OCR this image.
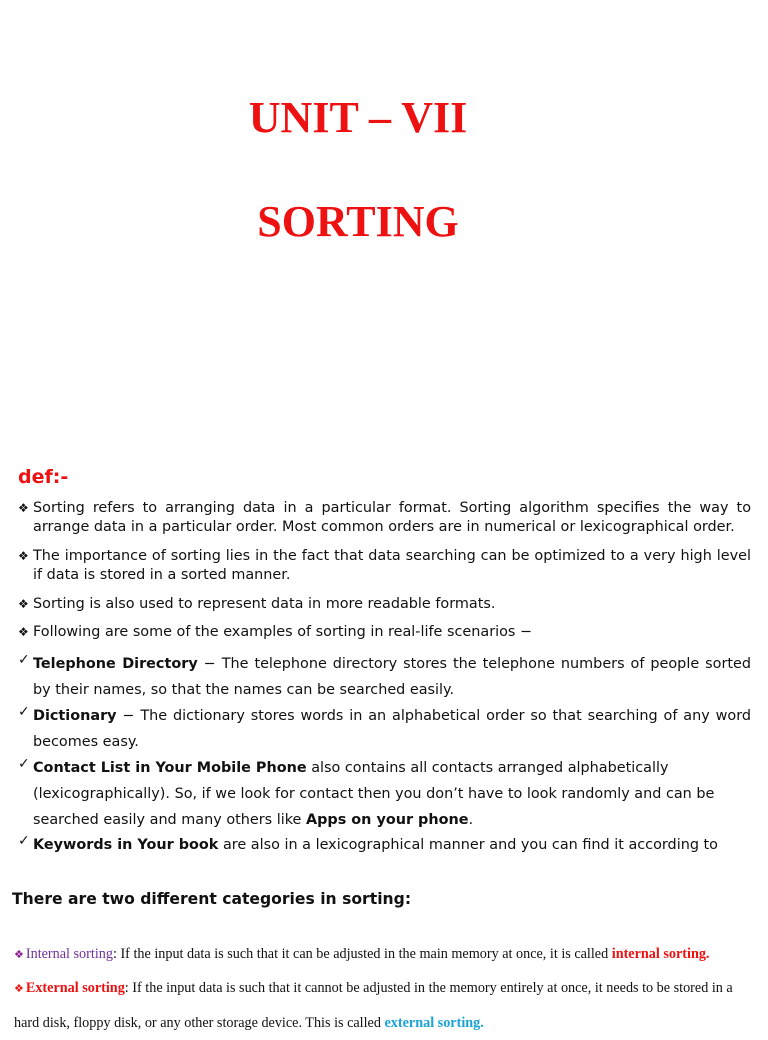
UNIT – VII
SORTING
def:-
❖ Sorting refers to arranging data in a particular format. Sorting algorithm specifies the way to arrange data in a particular order. Most common orders are in numerical or lexicographical order.
❖ The importance of sorting lies in the fact that data searching can be optimized to a very high level if data is stored in a sorted manner.
❖ Sorting is also used to represent data in more readable formats.
❖ Following are some of the examples of sorting in real-life scenarios −
✓ Telephone Directory − The telephone directory stores the telephone numbers of people sorted by their names, so that the names can be searched easily.
✓ Dictionary − The dictionary stores words in an alphabetical order so that searching of any word becomes easy.
✓ Contact List in Your Mobile Phone also contains all contacts arranged alphabetically (lexicographically). So, if we look for contact then you don’t have to look randomly and can be searched easily and many others like Apps on your phone.
✓ Keywords in Your book are also in a lexicographical manner and you can find it according to
There are two different categories in sorting:
❖ Internal sorting: If the input data is such that it can be adjusted in the main memory at once, it is called internal sorting.
❖ External sorting: If the input data is such that it cannot be adjusted in the memory entirely at once, it needs to be stored in a hard disk, floppy disk, or any other storage device. This is called external sorting.
